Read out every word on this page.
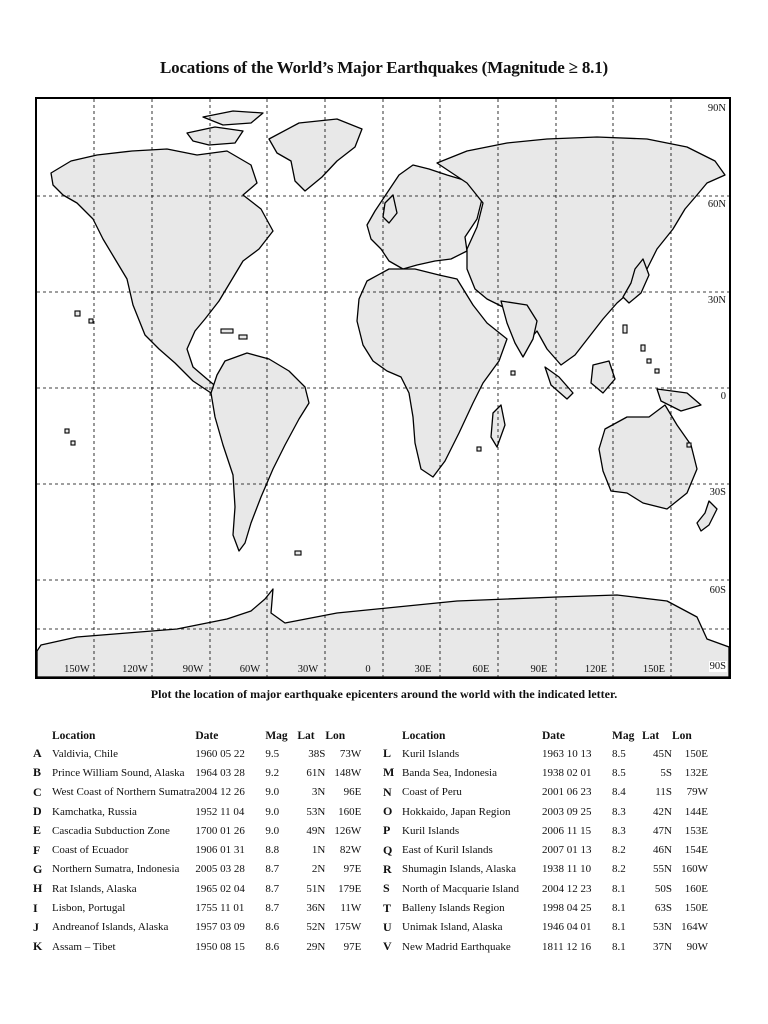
Locations of the World’s Major Earthquakes (Magnitude ≥ 8.1)
90N
60N
30N
0
30S
60S
90S
150W	120W	90W	60W	30W	0	30E	60E	90E	120E	150E
Plot the location of major earthquake epicenters around the world with the indicated letter.
	Location	Date	Mag	Lat	Lon
A	Valdivia, Chile	1960 05 22	9.5	38S	73W
B	Prince William Sound, Alaska	1964 03 28	9.2	61N	148W
C	West Coast of Northern Sumatra	2004 12 26	9.0	3N	96E
D	Kamchatka, Russia	1952 11 04	9.0	53N	160E
E	Cascadia Subduction Zone	1700 01 26	9.0	49N	126W
F	Coast of Ecuador	1906 01 31	8.8	1N	82W
G	Northern Sumatra, Indonesia	2005 03 28	8.7	2N	97E
H	Rat Islands, Alaska	1965 02 04	8.7	51N	179E
I	Lisbon, Portugal	1755 11 01	8.7	36N	11W
J	Andreanof Islands, Alaska	1957 03 09	8.6	52N	175W
K	Assam – Tibet	1950 08 15	8.6	29N	97E
	Location	Date	Mag	Lat	Lon
L	Kuril Islands	1963 10 13	8.5	45N	150E
M	Banda Sea, Indonesia	1938 02 01	8.5	5S	132E
N	Coast of Peru	2001 06 23	8.4	11S	79W
O	Hokkaido, Japan Region	2003 09 25	8.3	42N	144E
P	Kuril Islands	2006 11 15	8.3	47N	153E
Q	East of Kuril Islands	2007 01 13	8.2	46N	154E
R	Shumagin Islands, Alaska	1938 11 10	8.2	55N	160W
S	North of Macquarie Island	2004 12 23	8.1	50S	160E
T	Balleny Islands Region	1998 04 25	8.1	63S	150E
U	Unimak Island, Alaska	1946 04 01	8.1	53N	164W
V	New Madrid Earthquake	1811 12 16	8.1	37N	90W
